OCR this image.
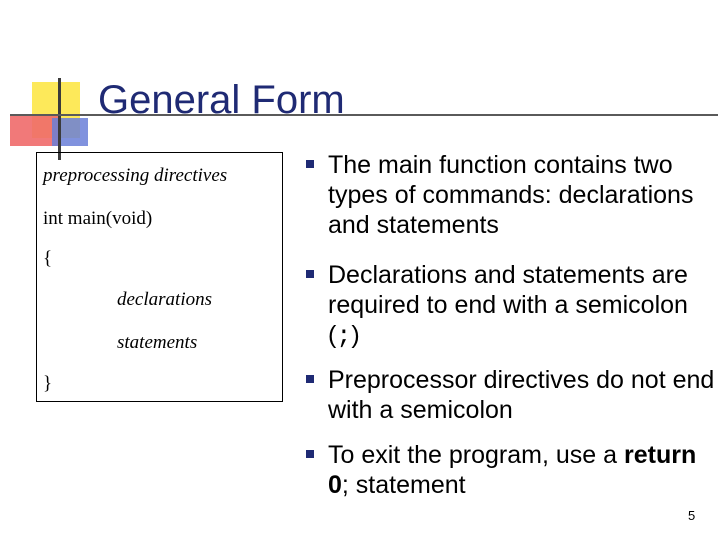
General Form
preprocessing directives
int main(void)
{
declarations
statements
}
The main function contains two types of commands: declarations and statements
Declarations and statements are required to end with a semicolon (;)
Preprocessor directives do not end with a semicolon
To exit the program, use a return 0; statement
5
